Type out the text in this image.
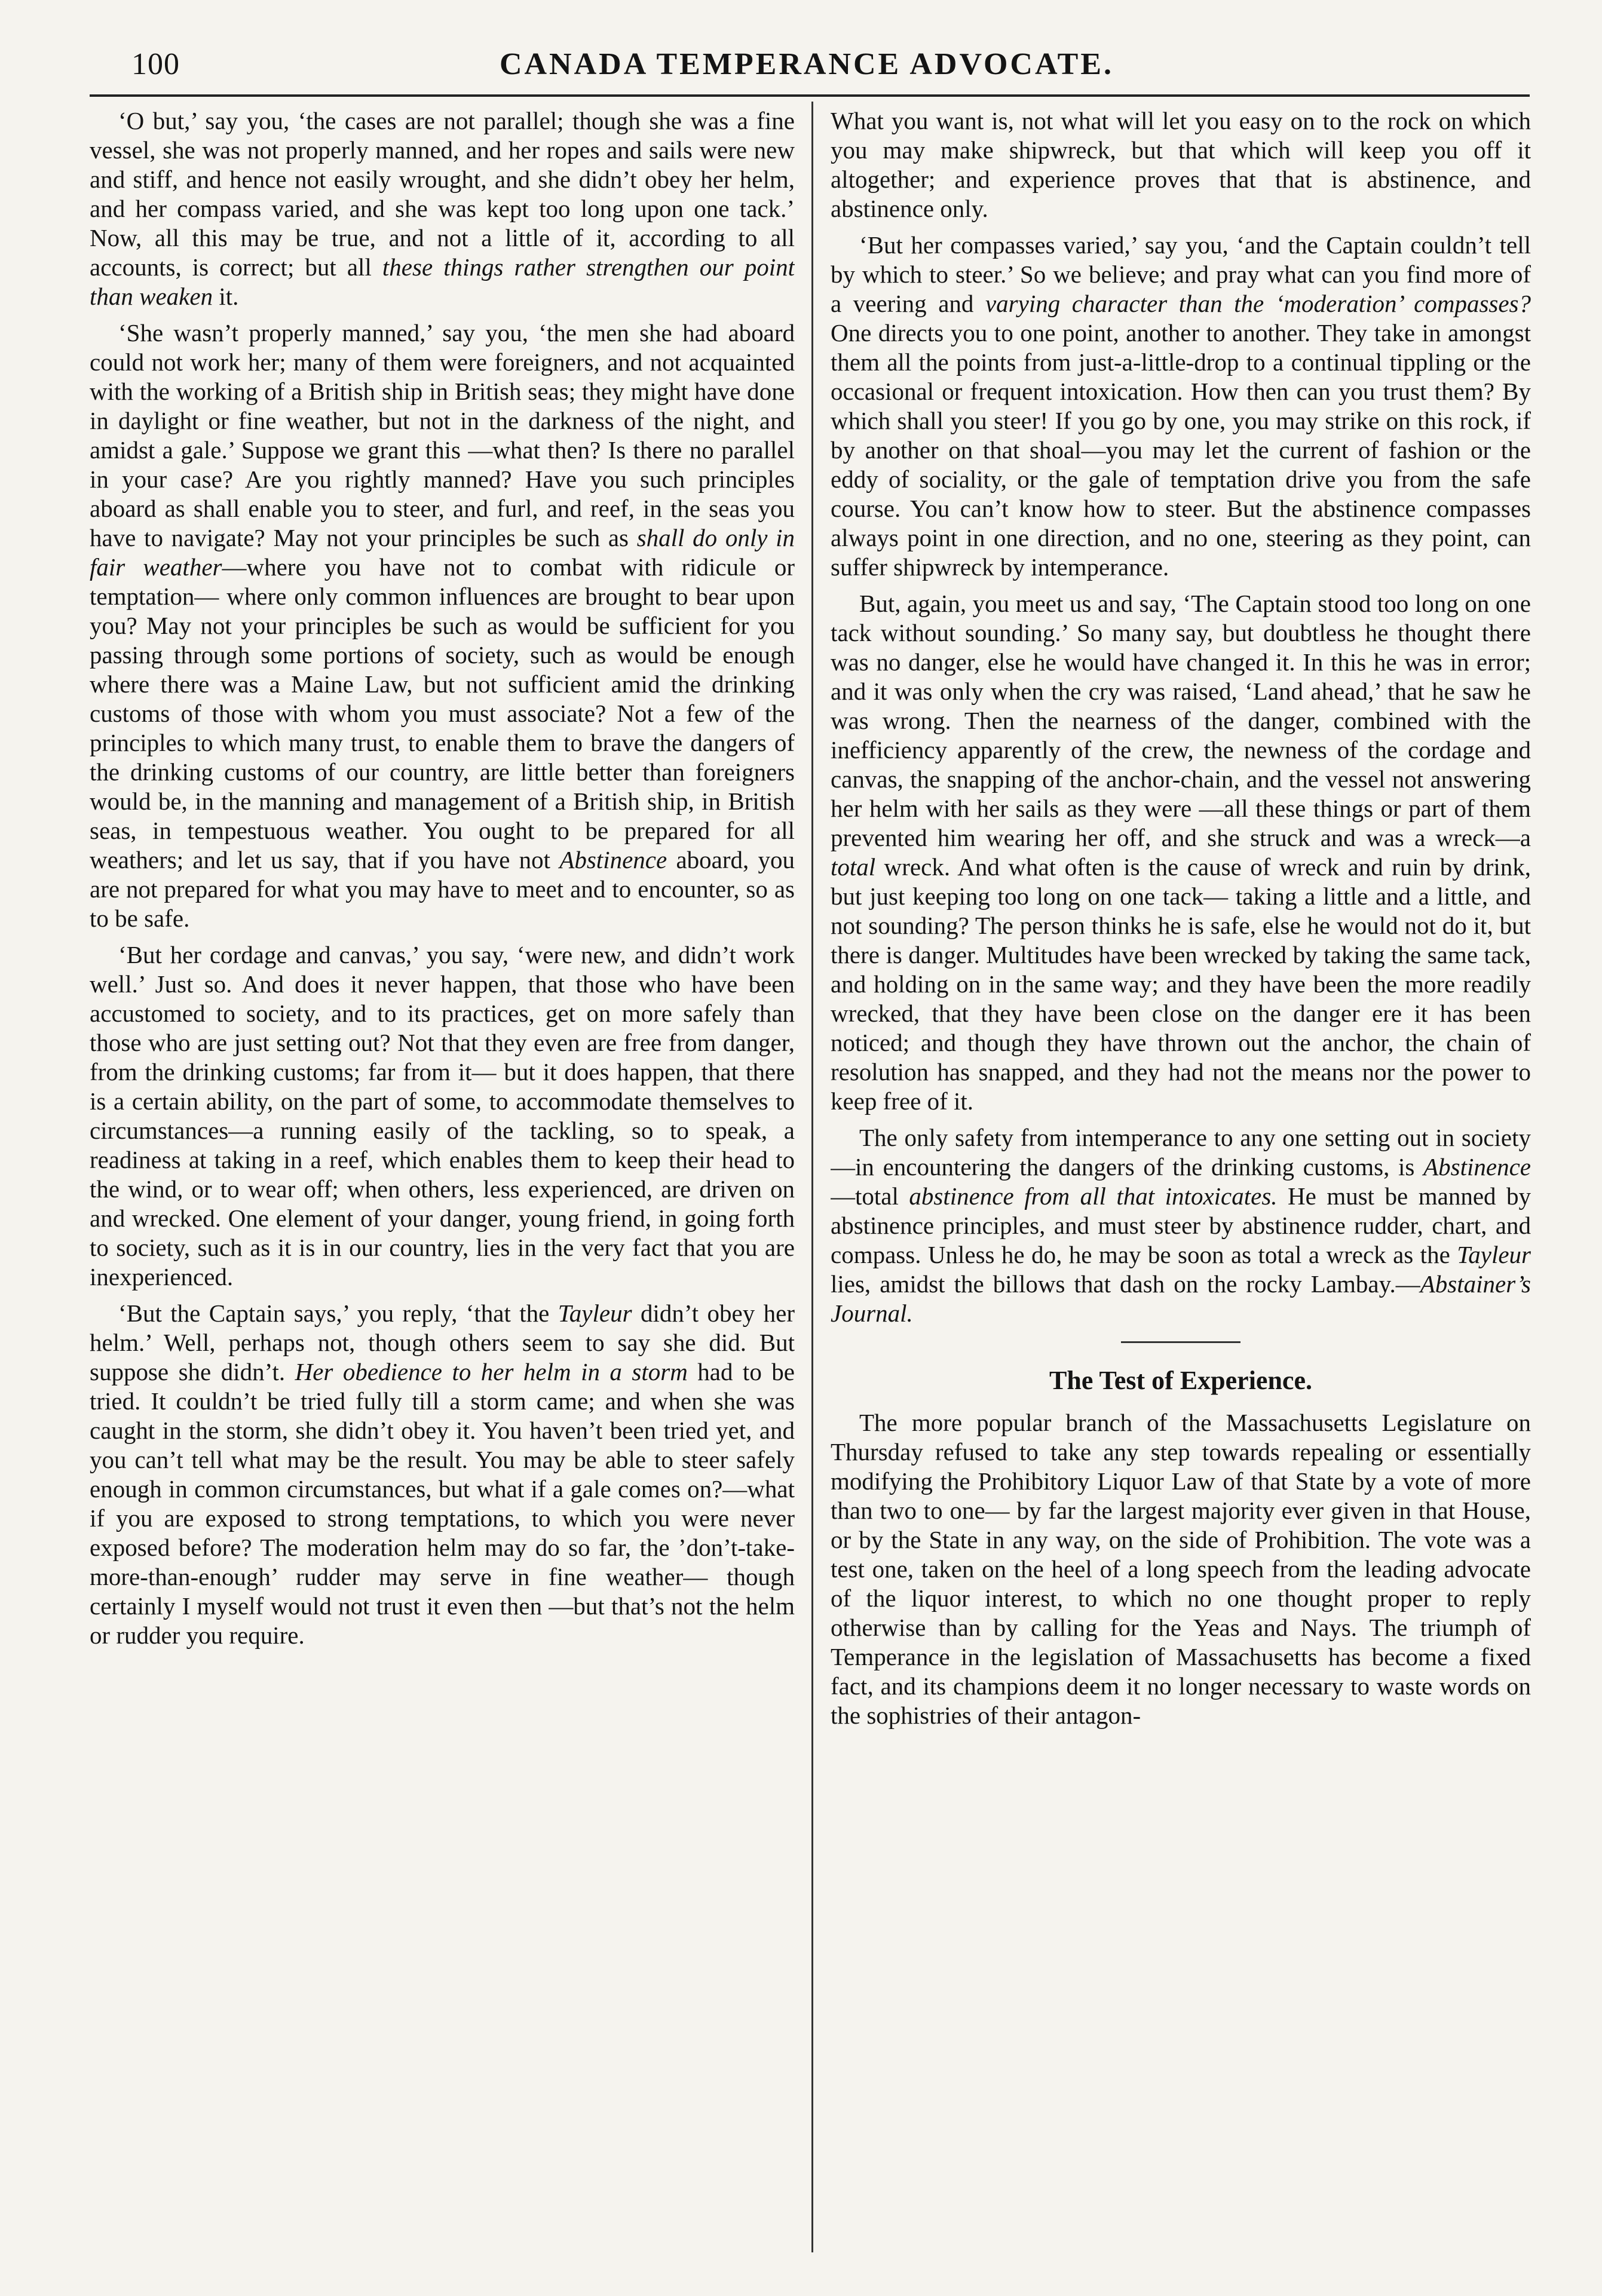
100	CANADA TEMPERANCE ADVOCATE.

‘O but,’ say you, ‘the cases are not parallel; though she was a fine vessel, she was not properly manned, and her ropes and sails were new and stiff, and hence not easily wrought, and she didn’t obey her helm, and her compass varied, and she was kept too long upon one tack.’ Now, all this may be true, and not a little of it, according to all accounts, is correct; but all these things rather strengthen our point than weaken it.

‘She wasn’t properly manned,’ say you, ‘the men she had aboard could not work her; many of them were foreigners, and not acquainted with the working of a British ship in British seas; they might have done in daylight or fine weather, but not in the darkness of the night, and amidst a gale.’ Suppose we grant this —what then? Is there no parallel in your case? Are you rightly manned? Have you such principles aboard as shall enable you to steer, and furl, and reef, in the seas you have to navigate? May not your principles be such as shall do only in fair weather—where you have not to combat with ridicule or temptation— where only common influences are brought to bear upon you? May not your principles be such as would be sufficient for you passing through some portions of society, such as would be enough where there was a Maine Law, but not sufficient amid the drinking customs of those with whom you must associate? Not a few of the principles to which many trust, to enable them to brave the dangers of the drinking customs of our country, are little better than foreigners would be, in the manning and management of a British ship, in British seas, in tempestuous weather. You ought to be prepared for all weathers; and let us say, that if you have not Abstinence aboard, you are not prepared for what you may have to meet and to encounter, so as to be safe.

‘But her cordage and canvas,’ you say, ‘were new, and didn’t work well.’ Just so. And does it never happen, that those who have been accustomed to society, and to its practices, get on more safely than those who are just setting out? Not that they even are free from danger, from the drinking customs; far from it— but it does happen, that there is a certain ability, on the part of some, to accommodate themselves to circumstances—a running easily of the tackling, so to speak, a readiness at taking in a reef, which enables them to keep their head to the wind, or to wear off; when others, less experienced, are driven on and wrecked. One element of your danger, young friend, in going forth to society, such as it is in our country, lies in the very fact that you are inexperienced.

‘But the Captain says,’ you reply, ‘that the Tayleur didn’t obey her helm.’ Well, perhaps not, though others seem to say she did. But suppose she didn’t. Her obedience to her helm in a storm had to be tried. It couldn’t be tried fully till a storm came; and when she was caught in the storm, she didn’t obey it. You haven’t been tried yet, and you can’t tell what may be the result. You may be able to steer safely enough in common circumstances, but what if a gale comes on?—what if you are exposed to strong temptations, to which you were never exposed before? The moderation helm may do so far, the ’don’t-take-more-than-enough’ rudder may serve in fine weather— though certainly I myself would not trust it even then —but that’s not the helm or rudder you require.

What you want is, not what will let you easy on to the rock on which you may make shipwreck, but that which will keep you off it altogether; and experience proves that that is abstinence, and abstinence only.

‘But her compasses varied,’ say you, ‘and the Captain couldn’t tell by which to steer.’ So we believe; and pray what can you find more of a veering and varying character than the ‘moderation’ compasses? One directs you to one point, another to another. They take in amongst them all the points from just-a-little-drop to a continual tippling or the occasional or frequent intoxication. How then can you trust them? By which shall you steer! If you go by one, you may strike on this rock, if by another on that shoal—you may let the current of fashion or the eddy of sociality, or the gale of temptation drive you from the safe course. You can’t know how to steer. But the abstinence compasses always point in one direction, and no one, steering as they point, can suffer shipwreck by intemperance.

But, again, you meet us and say, ‘The Captain stood too long on one tack without sounding.’ So many say, but doubtless he thought there was no danger, else he would have changed it. In this he was in error; and it was only when the cry was raised, ‘Land ahead,’ that he saw he was wrong. Then the nearness of the danger, combined with the inefficiency apparently of the crew, the newness of the cordage and canvas, the snapping of the anchor-chain, and the vessel not answering her helm with her sails as they were —all these things or part of them prevented him wearing her off, and she struck and was a wreck—a total wreck. And what often is the cause of wreck and ruin by drink, but just keeping too long on one tack— taking a little and a little, and not sounding? The person thinks he is safe, else he would not do it, but there is danger. Multitudes have been wrecked by taking the same tack, and holding on in the same way; and they have been the more readily wrecked, that they have been close on the danger ere it has been noticed; and though they have thrown out the anchor, the chain of resolution has snapped, and they had not the means nor the power to keep free of it.

The only safety from intemperance to any one setting out in society—in encountering the dangers of the drinking customs, is Abstinence—total abstinence from all that intoxicates. He must be manned by abstinence principles, and must steer by abstinence rudder, chart, and compass. Unless he do, he may be soon as total a wreck as the Tayleur lies, amidst the billows that dash on the rocky Lambay.—Abstainer’s Journal.

The Test of Experience.

The more popular branch of the Massachusetts Legislature on Thursday refused to take any step towards repealing or essentially modifying the Prohibitory Liquor Law of that State by a vote of more than two to one— by far the largest majority ever given in that House, or by the State in any way, on the side of Prohibition. The vote was a test one, taken on the heel of a long speech from the leading advocate of the liquor interest, to which no one thought proper to reply otherwise than by calling for the Yeas and Nays. The triumph of Temperance in the legislation of Massachusetts has become a fixed fact, and its champions deem it no longer necessary to waste words on the sophistries of their antagon-
